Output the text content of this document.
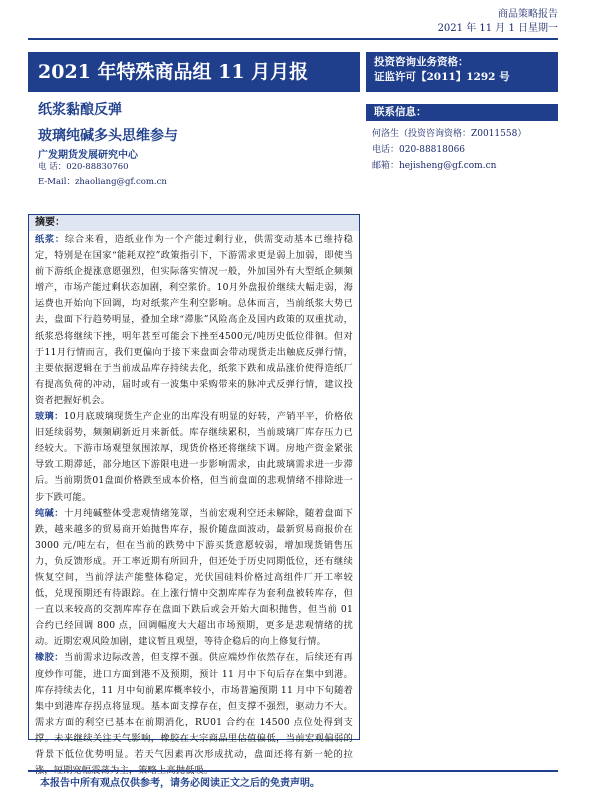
商品策略报告
2021 年 11 月 1 日星期一
2021 年特殊商品组 11 月月报	投资咨询业务资格：
证监许可【2011】1292 号
联系信息：
何洛生（投资咨询资格：Z0011558）
电话：020-88818066
邮箱：hejisheng@gf.com.cn
纸浆黏酿反弹
玻璃纯碱多头思维参与
广发期货发展研究中心
电 话：020-88830760
E-Mail：zhaoliang@gf.com.cn
摘要：

纸浆：综合来看，造纸业作为一个产能过剩行业，供需变动基本已维持稳定，特别是在国家“能耗双控”政策指引下，下游需求更是弱上加弱，即使当前下游纸企提涨意愿强烈，但实际落实情况一般，外加国外有大型纸企频频增产，市场产能过剩状态加剧，利空浆价。10月外盘报价继续大幅走弱，海运费也开始向下回调，均对纸浆产生利空影响。总体而言，当前纸浆大势已去，盘面下行趋势明显，叠加全球“滞胀”风险高企及国内政策的双重扰动，纸浆恐将继续下挫，明年甚至可能会下挫至4500元/吨历史低位徘徊。但对于11月行情而言，我们更偏向于接下来盘面会带动现货走出触底反弹行情，主要依据逻辑在于当前成品库存持续去化，纸浆下跌和成品涨价使得造纸厂有提高负荷的冲动，届时或有一波集中采购带来的脉冲式反弹行情，建议投资者把握好机会。

玻璃：10月底玻璃现货生产企业的出库没有明显的好转，产销平平，价格依旧延续弱势，频频刷新近月来新低。库存继续累积，当前玻璃厂库存压力已经较大。下游市场观望氛围浓厚，现货价格还将继续下调。房地产资金紧张导致工期滞延，部分地区下游限电进一步影响需求，由此玻璃需求进一步滞后。当前期货01盘面价格跌至成本价格，但当前盘面的悲观情绪不排除进一步下跌可能。

纯碱：十月纯碱整体受悲观情绪笼罩，当前宏观利空还未解除，随着盘面下跌，越来越多的贸易商开始抛售库存，报价随盘面波动，最新贸易商报价在 3000 元/吨左右，但在当前的跌势中下游买货意愿较弱，增加现货销售压力，负反馈形成。开工率近期有所回升，但还处于历史同期低位，还有继续恢复空间，当前浮法产能整体稳定，光伏国硅料价格过高组件厂开工率较低，兑现预期还有待跟踪。在上涨行情中交割库库存为套利盘被转库存，但一直以来较高的交割库库存在盘面下跌后或会开始大面积抛售，但当前 01 合约已经回调 800 点，回调幅度大大超出市场预期，更多是悲观情绪的扰动。近期宏观风险加剧，建议暂且观望，等待企稳后的向上修复行情。

橡胶：当前需求边际改善，但支撑不强。供应端炒作依然存在，后续还有再度炒作可能，进口方面到港不及预期，预计 11 月中下旬后存在集中到港。库存持续去化，11 月中旬前累库概率较小，市场普遍预期 11 月中下旬随着集中到港库存拐点将显现。基本面支撑存在，但支撑不强烈，驱动力不大。需求方面的利空已基本在前期消化，RU01 合约在 14500 点位处得到支撑。未来继续关注天气影响，橡胶在大宗商品里估值偏低，当前宏观偏弱的背景下低位优势明显。若天气因素再次形成扰动，盘面还将有新一轮的拉

本报告中所有观点仅供参考，请务必阅读正文之后的免责声明。
